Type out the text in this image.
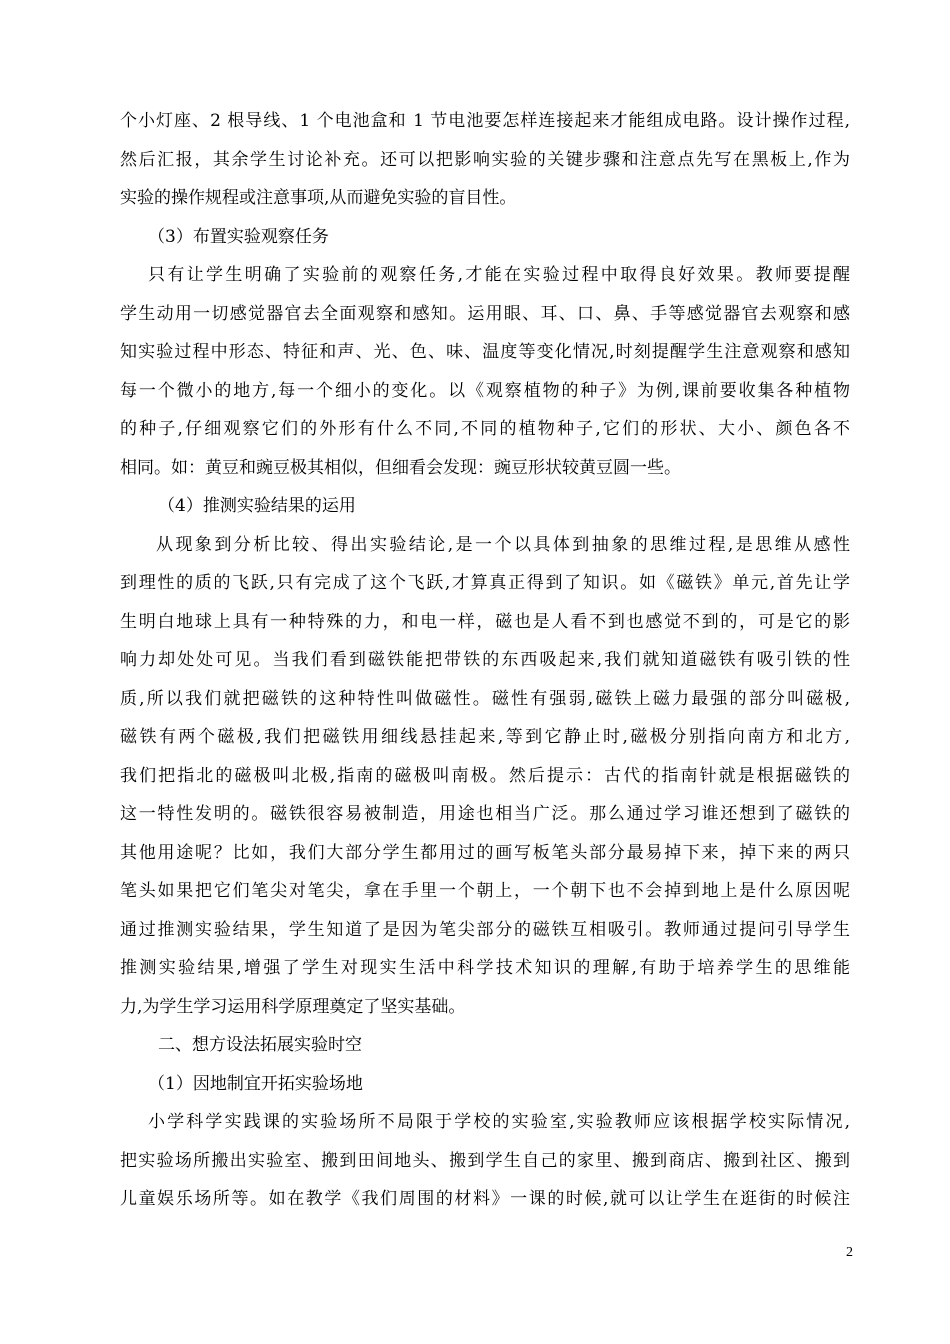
个小灯座、2 根导线、1 个电池盒和 1 节电池要怎样连接起来才能组成电路。设计操作过程,
然后汇报，其余学生讨论补充。还可以把影响实验的关键步骤和注意点先写在黑板上,作为
实验的操作规程或注意事项,从而避免实验的盲目性。
（3）布置实验观察任务
只有让学生明确了实验前的观察任务,才能在实验过程中取得良好效果。教师要提醒
学生动用一切感觉器官去全面观察和感知。运用眼、耳、口、鼻、手等感觉器官去观察和感
知实验过程中形态、特征和声、光、色、味、温度等变化情况,时刻提醒学生注意观察和感知
每一个微小的地方,每一个细小的变化。以《观察植物的种子》为例,课前要收集各种植物
的种子,仔细观察它们的外形有什么不同,不同的植物种子,它们的形状、大小、颜色各不
相同。如：黄豆和豌豆极其相似，但细看会发现：豌豆形状较黄豆圆一些。
（4）推测实验结果的运用
从现象到分析比较、得出实验结论,是一个以具体到抽象的思维过程,是思维从感性
到理性的质的飞跃,只有完成了这个飞跃,才算真正得到了知识。如《磁铁》单元,首先让学
生明白地球上具有一种特殊的力，和电一样，磁也是人看不到也感觉不到的，可是它的影
响力却处处可见。当我们看到磁铁能把带铁的东西吸起来,我们就知道磁铁有吸引铁的性
质,所以我们就把磁铁的这种特性叫做磁性。磁性有强弱,磁铁上磁力最强的部分叫磁极,
磁铁有两个磁极,我们把磁铁用细线悬挂起来,等到它静止时,磁极分别指向南方和北方,
我们把指北的磁极叫北极,指南的磁极叫南极。然后提示：古代的指南针就是根据磁铁的
这一特性发明的。磁铁很容易被制造，用途也相当广泛。那么通过学习谁还想到了磁铁的
其他用途呢？比如，我们大部分学生都用过的画写板笔头部分最易掉下来，掉下来的两只
笔头如果把它们笔尖对笔尖，拿在手里一个朝上，一个朝下也不会掉到地上是什么原因呢
通过推测实验结果，学生知道了是因为笔尖部分的磁铁互相吸引。教师通过提问引导学生
推测实验结果,增强了学生对现实生活中科学技术知识的理解,有助于培养学生的思维能
力,为学生学习运用科学原理奠定了坚实基础。
二、想方设法拓展实验时空
（1）因地制宜开拓实验场地
小学科学实践课的实验场所不局限于学校的实验室,实验教师应该根据学校实际情况,
把实验场所搬出实验室、搬到田间地头、搬到学生自己的家里、搬到商店、搬到社区、搬到
儿童娱乐场所等。如在教学《我们周围的材料》一课的时候,就可以让学生在逛街的时候注
2
